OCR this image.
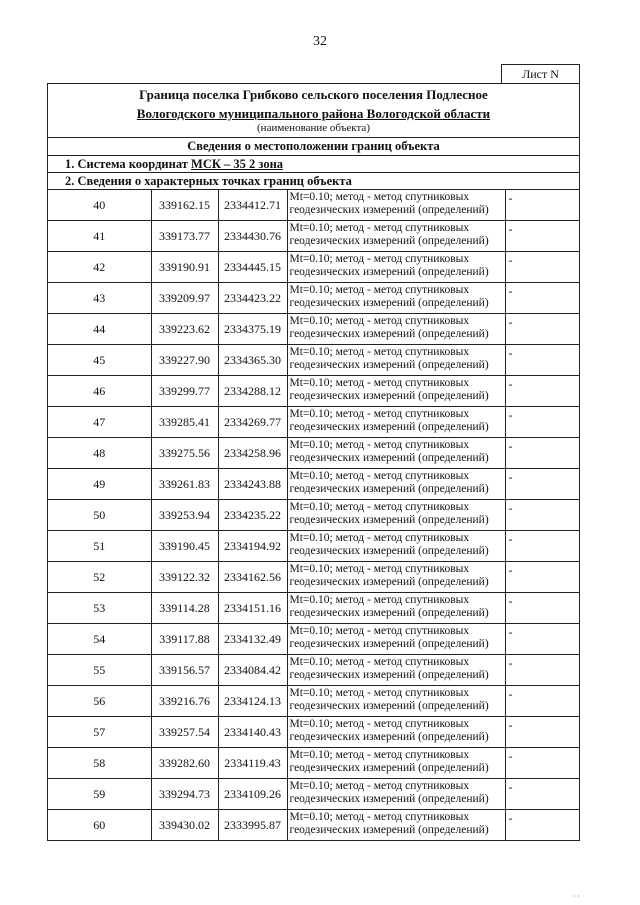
32
Лист N
Граница поселка Грибково сельского поселения Подлесное
Вологодского муниципального района Вологодской области
(наименование объекта)
Сведения о местоположении границ объекта
1. Система координат МСК – 35 2 зона
2. Сведения о характерных точках границ объекта
40	339162.15	2334412.71	Mt=0.10; метод - метод спутниковых геодезических измерений (определений)	-
41	339173.77	2334430.76	Mt=0.10; метод - метод спутниковых геодезических измерений (определений)	-
42	339190.91	2334445.15	Mt=0.10; метод - метод спутниковых геодезических измерений (определений)	-
43	339209.97	2334423.22	Mt=0.10; метод - метод спутниковых геодезических измерений (определений)	-
44	339223.62	2334375.19	Mt=0.10; метод - метод спутниковых геодезических измерений (определений)	-
45	339227.90	2334365.30	Mt=0.10; метод - метод спутниковых геодезических измерений (определений)	-
46	339299.77	2334288.12	Mt=0.10; метод - метод спутниковых геодезических измерений (определений)	-
47	339285.41	2334269.77	Mt=0.10; метод - метод спутниковых геодезических измерений (определений)	-
48	339275.56	2334258.96	Mt=0.10; метод - метод спутниковых геодезических измерений (определений)	-
49	339261.83	2334243.88	Mt=0.10; метод - метод спутниковых геодезических измерений (определений)	-
50	339253.94	2334235.22	Mt=0.10; метод - метод спутниковых геодезических измерений (определений)	-
51	339190.45	2334194.92	Mt=0.10; метод - метод спутниковых геодезических измерений (определений)	-
52	339122.32	2334162.56	Mt=0.10; метод - метод спутниковых геодезических измерений (определений)	-
53	339114.28	2334151.16	Mt=0.10; метод - метод спутниковых геодезических измерений (определений)	-
54	339117.88	2334132.49	Mt=0.10; метод - метод спутниковых геодезических измерений (определений)	-
55	339156.57	2334084.42	Mt=0.10; метод - метод спутниковых геодезических измерений (определений)	-
56	339216.76	2334124.13	Mt=0.10; метод - метод спутниковых геодезических измерений (определений)	-
57	339257.54	2334140.43	Mt=0.10; метод - метод спутниковых геодезических измерений (определений)	-
58	339282.60	2334119.43	Mt=0.10; метод - метод спутниковых геодезических измерений (определений)	-
59	339294.73	2334109.26	Mt=0.10; метод - метод спутниковых геодезических измерений (определений)	-
60	339430.02	2333995.87	Mt=0.10; метод - метод спутниковых геодезических измерений (определений)	-
· ·
